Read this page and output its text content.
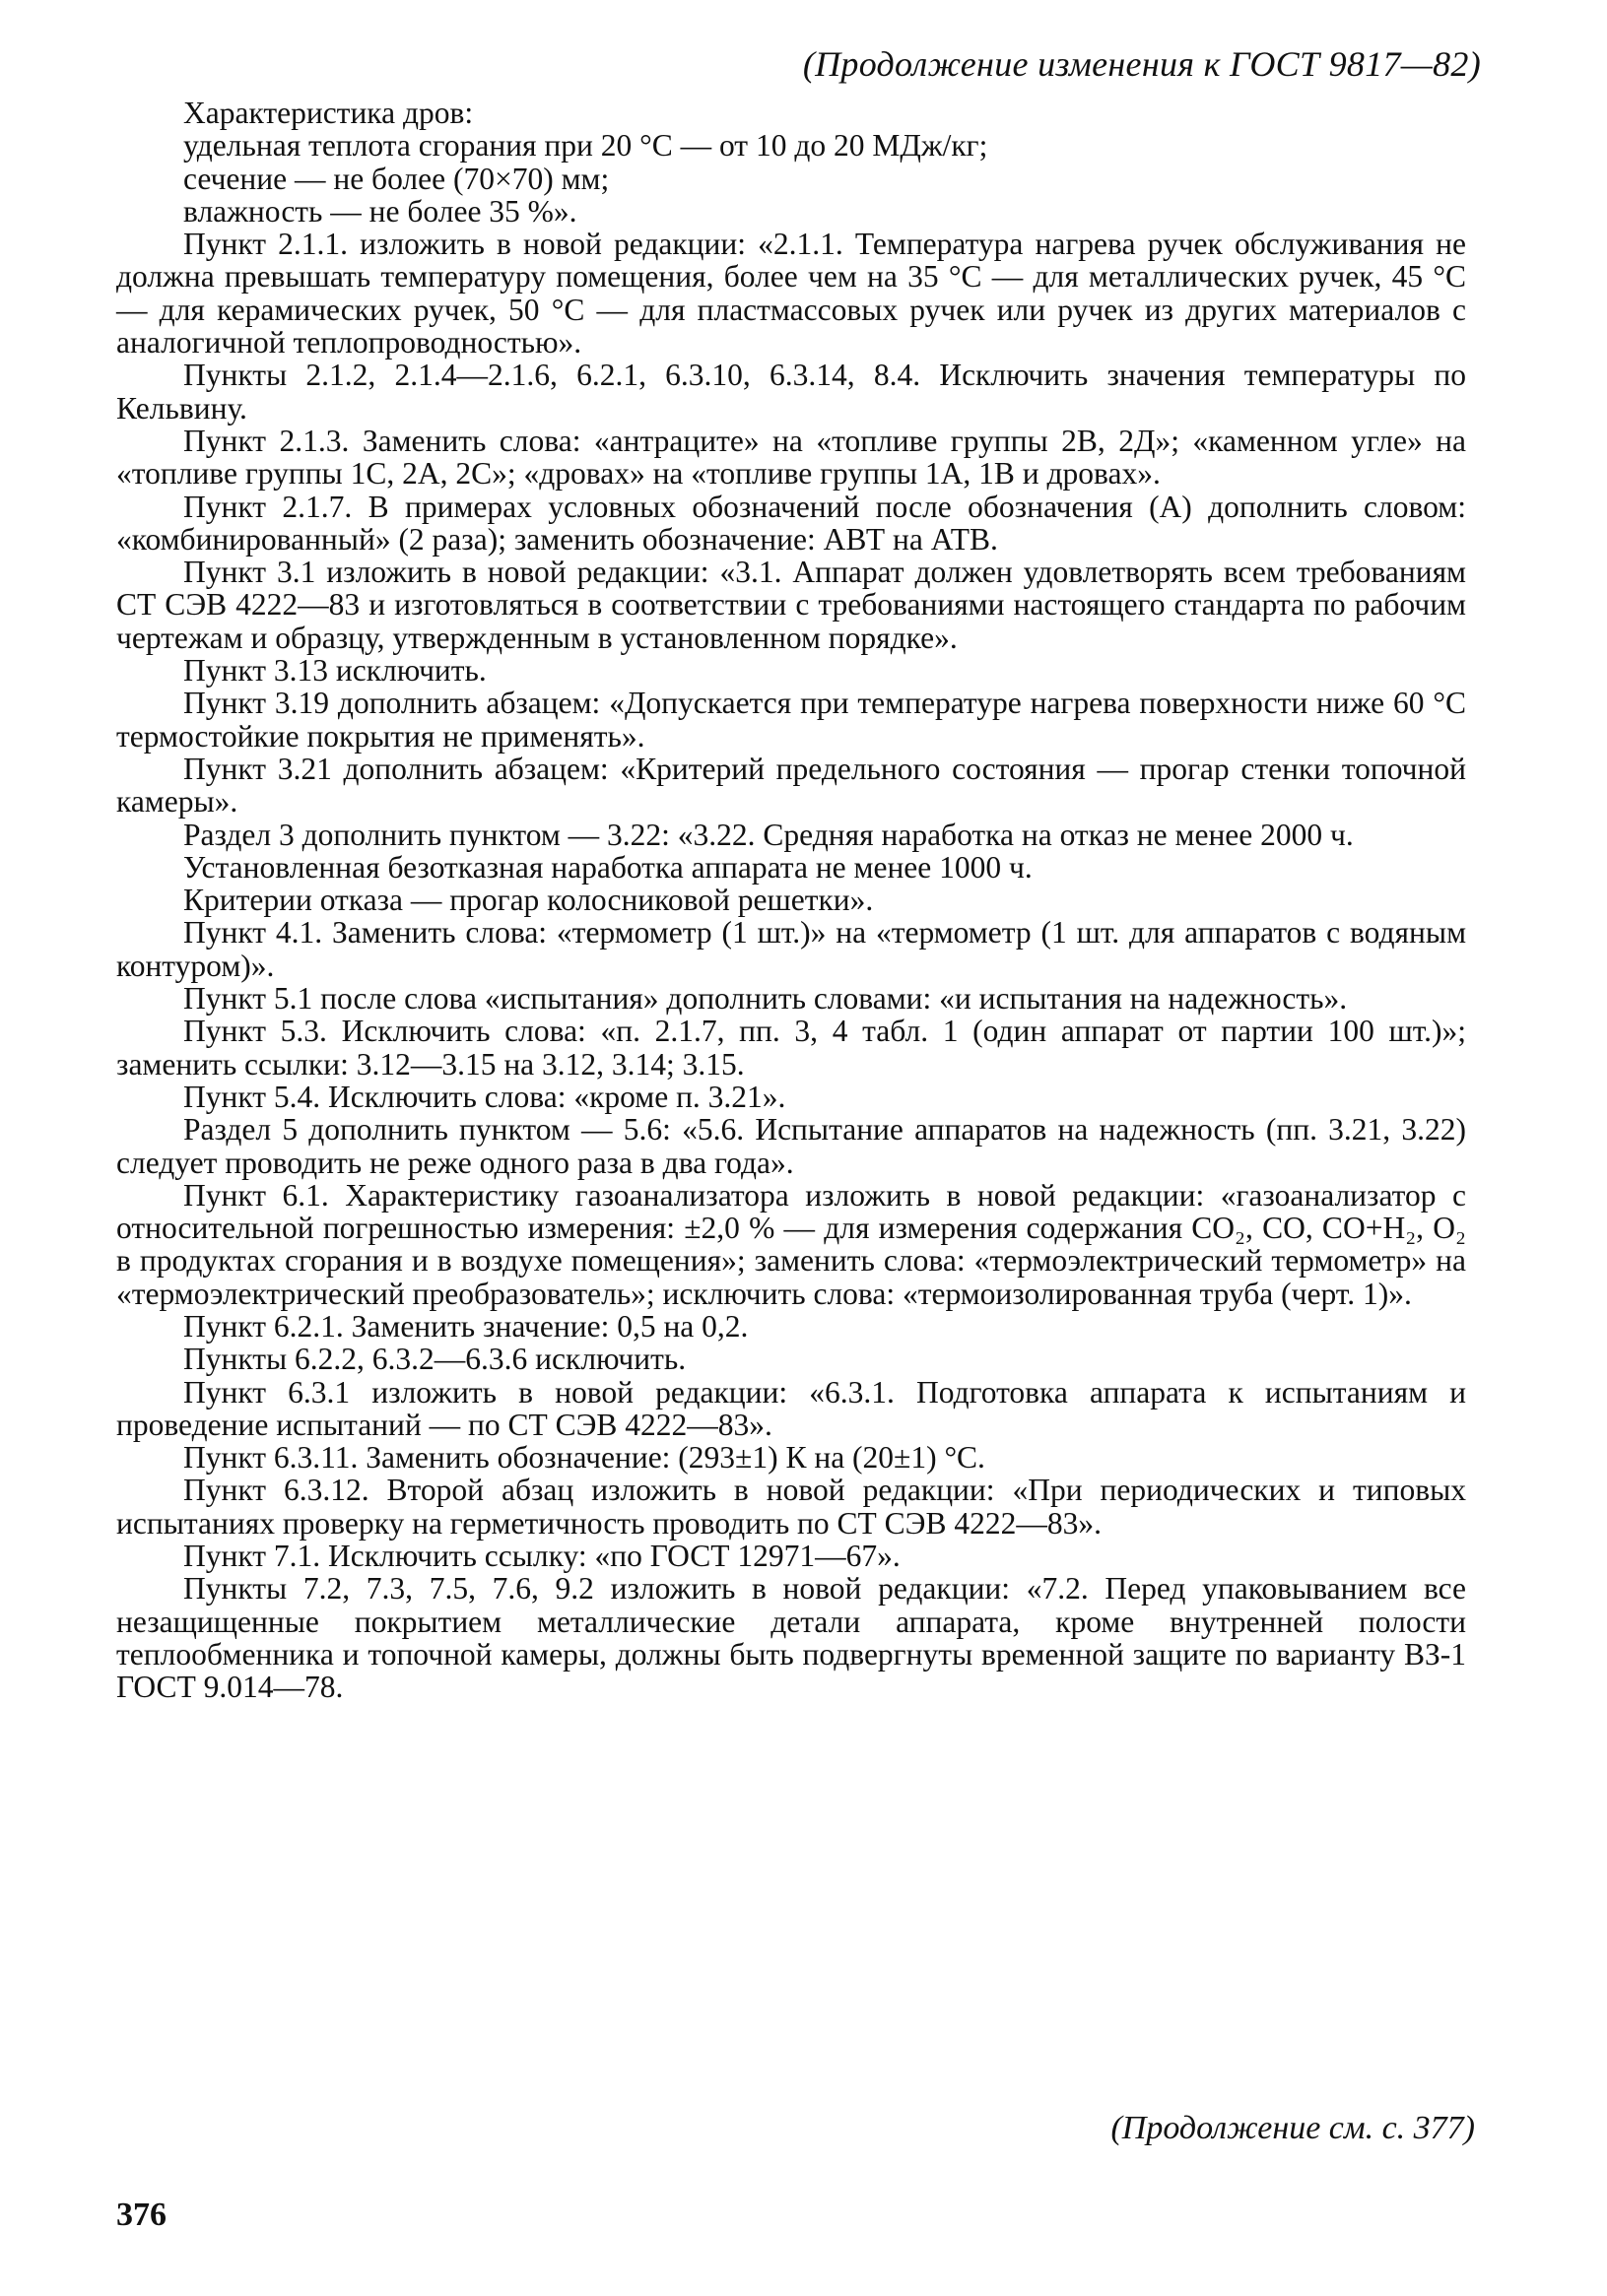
(Продолжение изменения к ГОСТ 9817—82)

Характеристика дров:

удельная теплота сгорания при 20 °С — от 10 до 20 МДж/кг;

сечение — не более (70×70) мм;

влажность — не более 35 %».

Пункт 2.1.1. изложить в новой редакции: «2.1.1. Температура нагрева ручек обслуживания не должна превышать температуру помещения, более чем на 35 °С — для металлических ручек, 45 °С — для керамических ручек, 50 °С — для пластмассовых ручек или ручек из других материалов с аналогичной теплопроводностью».

Пункты 2.1.2, 2.1.4—2.1.6, 6.2.1, 6.3.10, 6.3.14, 8.4. Исключить значения температуры по Кельвину.

Пункт 2.1.3. Заменить слова: «антраците» на «топливе группы 2В, 2Д»; «каменном угле» на «топливе группы 1С, 2А, 2С»; «дровах» на «топливе группы 1А, 1В и дровах».

Пункт 2.1.7. В примерах условных обозначений после обозначения (А) дополнить словом: «комбинированный» (2 раза); заменить обозначение: АВТ на АТВ.

Пункт 3.1 изложить в новой редакции: «3.1. Аппарат должен удовлетворять всем требованиям СТ СЭВ 4222—83 и изготовляться в соответствии с требованиями настоящего стандарта по рабочим чертежам и образцу, утвержденным в установленном порядке».

Пункт 3.13 исключить.

Пункт 3.19 дополнить абзацем: «Допускается при температуре нагрева поверхности ниже 60 °С термостойкие покрытия не применять».

Пункт 3.21 дополнить абзацем: «Критерий предельного состояния — прогар стенки топочной камеры».

Раздел 3 дополнить пунктом — 3.22: «3.22. Средняя наработка на отказ не менее 2000 ч.

Установленная безотказная наработка аппарата не менее 1000 ч.

Критерии отказа — прогар колосниковой решетки».

Пункт 4.1. Заменить слова: «термометр (1 шт.)» на «термометр (1 шт. для аппаратов с водяным контуром)».

Пункт 5.1 после слова «испытания» дополнить словами: «и испытания на надежность».

Пункт 5.3. Исключить слова: «п. 2.1.7, пп. 3, 4 табл. 1 (один аппарат от партии 100 шт.)»; заменить ссылки: 3.12—3.15 на 3.12, 3.14; 3.15.

Пункт 5.4. Исключить слова: «кроме п. 3.21».

Раздел 5 дополнить пунктом — 5.6: «5.6. Испытание аппаратов на надежность (пп. 3.21, 3.22) следует проводить не реже одного раза в два года».

Пункт 6.1. Характеристику газоанализатора изложить в новой редакции: «газоанализатор с относительной погрешностью измерения: ±2,0 % — для измерения содержания CO₂, CO, CO+H₂, O₂ в продуктах сгорания и в воздухе помещения»; заменить слова: «термоэлектрический термометр» на «термоэлектрический преобразователь»; исключить слова: «термоизолированная труба (черт. 1)».

Пункт 6.2.1. Заменить значение: 0,5 на 0,2.

Пункты 6.2.2, 6.3.2—6.3.6 исключить.

Пункт 6.3.1 изложить в новой редакции: «6.3.1. Подготовка аппарата к испытаниям и проведение испытаний — по СТ СЭВ 4222—83».

Пункт 6.3.11. Заменить обозначение: (293±1) К на (20±1) °С.

Пункт 6.3.12. Второй абзац изложить в новой редакции: «При периодических и типовых испытаниях проверку на герметичность проводить по СТ СЭВ 4222—83».

Пункт 7.1. Исключить ссылку: «по ГОСТ 12971—67».

Пункты 7.2, 7.3, 7.5, 7.6, 9.2 изложить в новой редакции: «7.2. Перед упаковыванием все незащищенные покрытием металлические детали аппарата, кроме внутренней полости теплообменника и топочной камеры, должны быть подвергнуты временной защите по варианту ВЗ-1 ГОСТ 9.014—78.

(Продолжение см. с. 377)
376
